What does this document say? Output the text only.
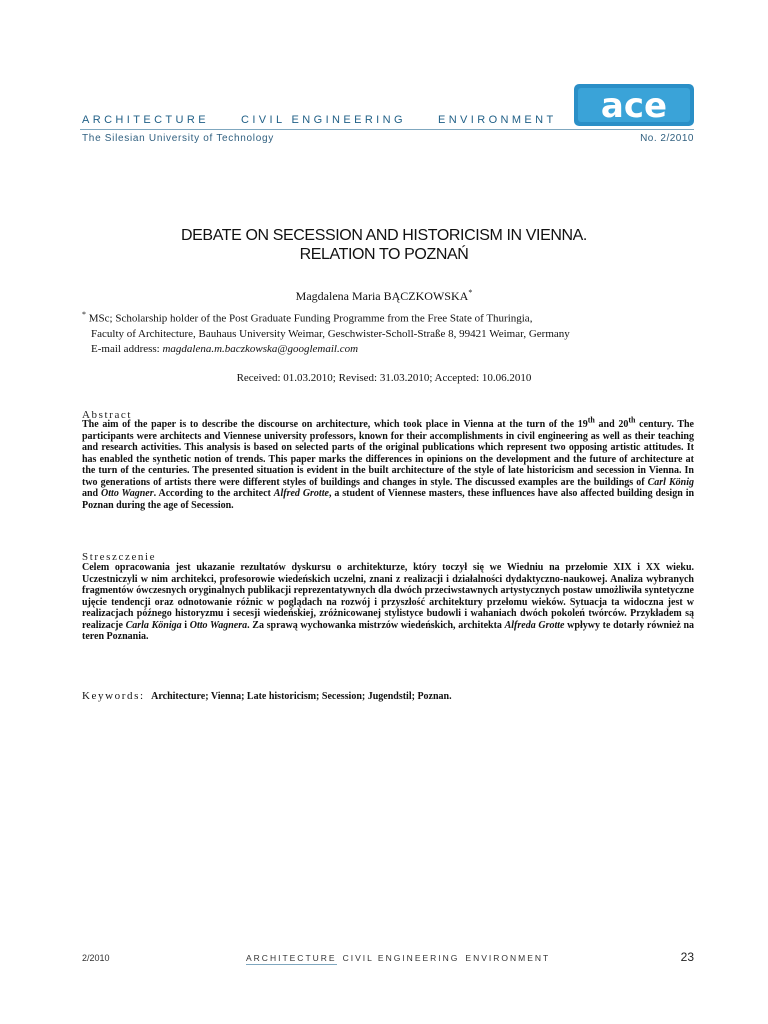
ARCHITECTURE	CIVIL ENGINEERING	ENVIRONMENT
The Silesian University of Technology	No. 2/2010
ace
DEBATE ON SECESSION AND HISTORICISM IN VIENNA.
RELATION TO POZNAŃ
Magdalena Maria BĄCZKOWSKA*
* MSc; Scholarship holder of the Post Graduate Funding Programme from the Free State of Thuringia,
Faculty of Architecture, Bauhaus University Weimar, Geschwister-Scholl-Straße 8, 99421 Weimar, Germany
E-mail address: magdalena.m.baczkowska@googlemail.com
Received: 01.03.2010; Revised: 31.03.2010; Accepted: 10.06.2010
Abstract
The aim of the paper is to describe the discourse on architecture, which took place in Vienna at the turn of the 19th and 20th century. The participants were architects and Viennese university professors, known for their accomplishments in civil engineering as well as their teaching and research activities. This analysis is based on selected parts of the original publications which represent two opposing artistic attitudes. It has enabled the synthetic notion of trends. This paper marks the differences in opinions on the development and the future of architecture at the turn of the centuries. The presented situation is evident in the built architecture of the style of late historicism and secession in Vienna. In two generations of artists there were different styles of buildings and changes in style. The discussed examples are the buildings of Carl König and Otto Wagner. According to the architect Alfred Grotte, a student of Viennese masters, these influences have also affected building design in Poznan during the age of Secession.
Streszczenie
Celem opracowania jest ukazanie rezultatów dyskursu o architekturze, który toczył się we Wiedniu na przełomie XIX i XX wieku. Uczestniczyli w nim architekci, profesorowie wiedeńskich uczelni, znani z realizacji i działalności dydaktyczno-naukowej. Analiza wybranych fragmentów ówczesnych oryginalnych publikacji reprezentatywnych dla dwóch przeciwstawnych artystycznych postaw umożliwiła syntetyczne ujęcie tendencji oraz odnotowanie różnic w poglądach na rozwój i przyszłość architektury przełomu wieków. Sytuacja ta widoczna jest w realizacjach późnego historyzmu i secesji wiedeńskiej, zróżnicowanej stylistyce budowli i wahaniach dwóch pokoleń twórców. Przykładem są realizacje Carla Königa i Otto Wagnera. Za sprawą wychowanka mistrzów wiedeńskich, architekta Alfreda Grotte wpływy te dotarły również na teren Poznania.
Keywords: Architecture; Vienna; Late historicism; Secession; Jugendstil; Poznan.
2/2010	ARCHITECTURE CIVIL ENGINEERING ENVIRONMENT	23
